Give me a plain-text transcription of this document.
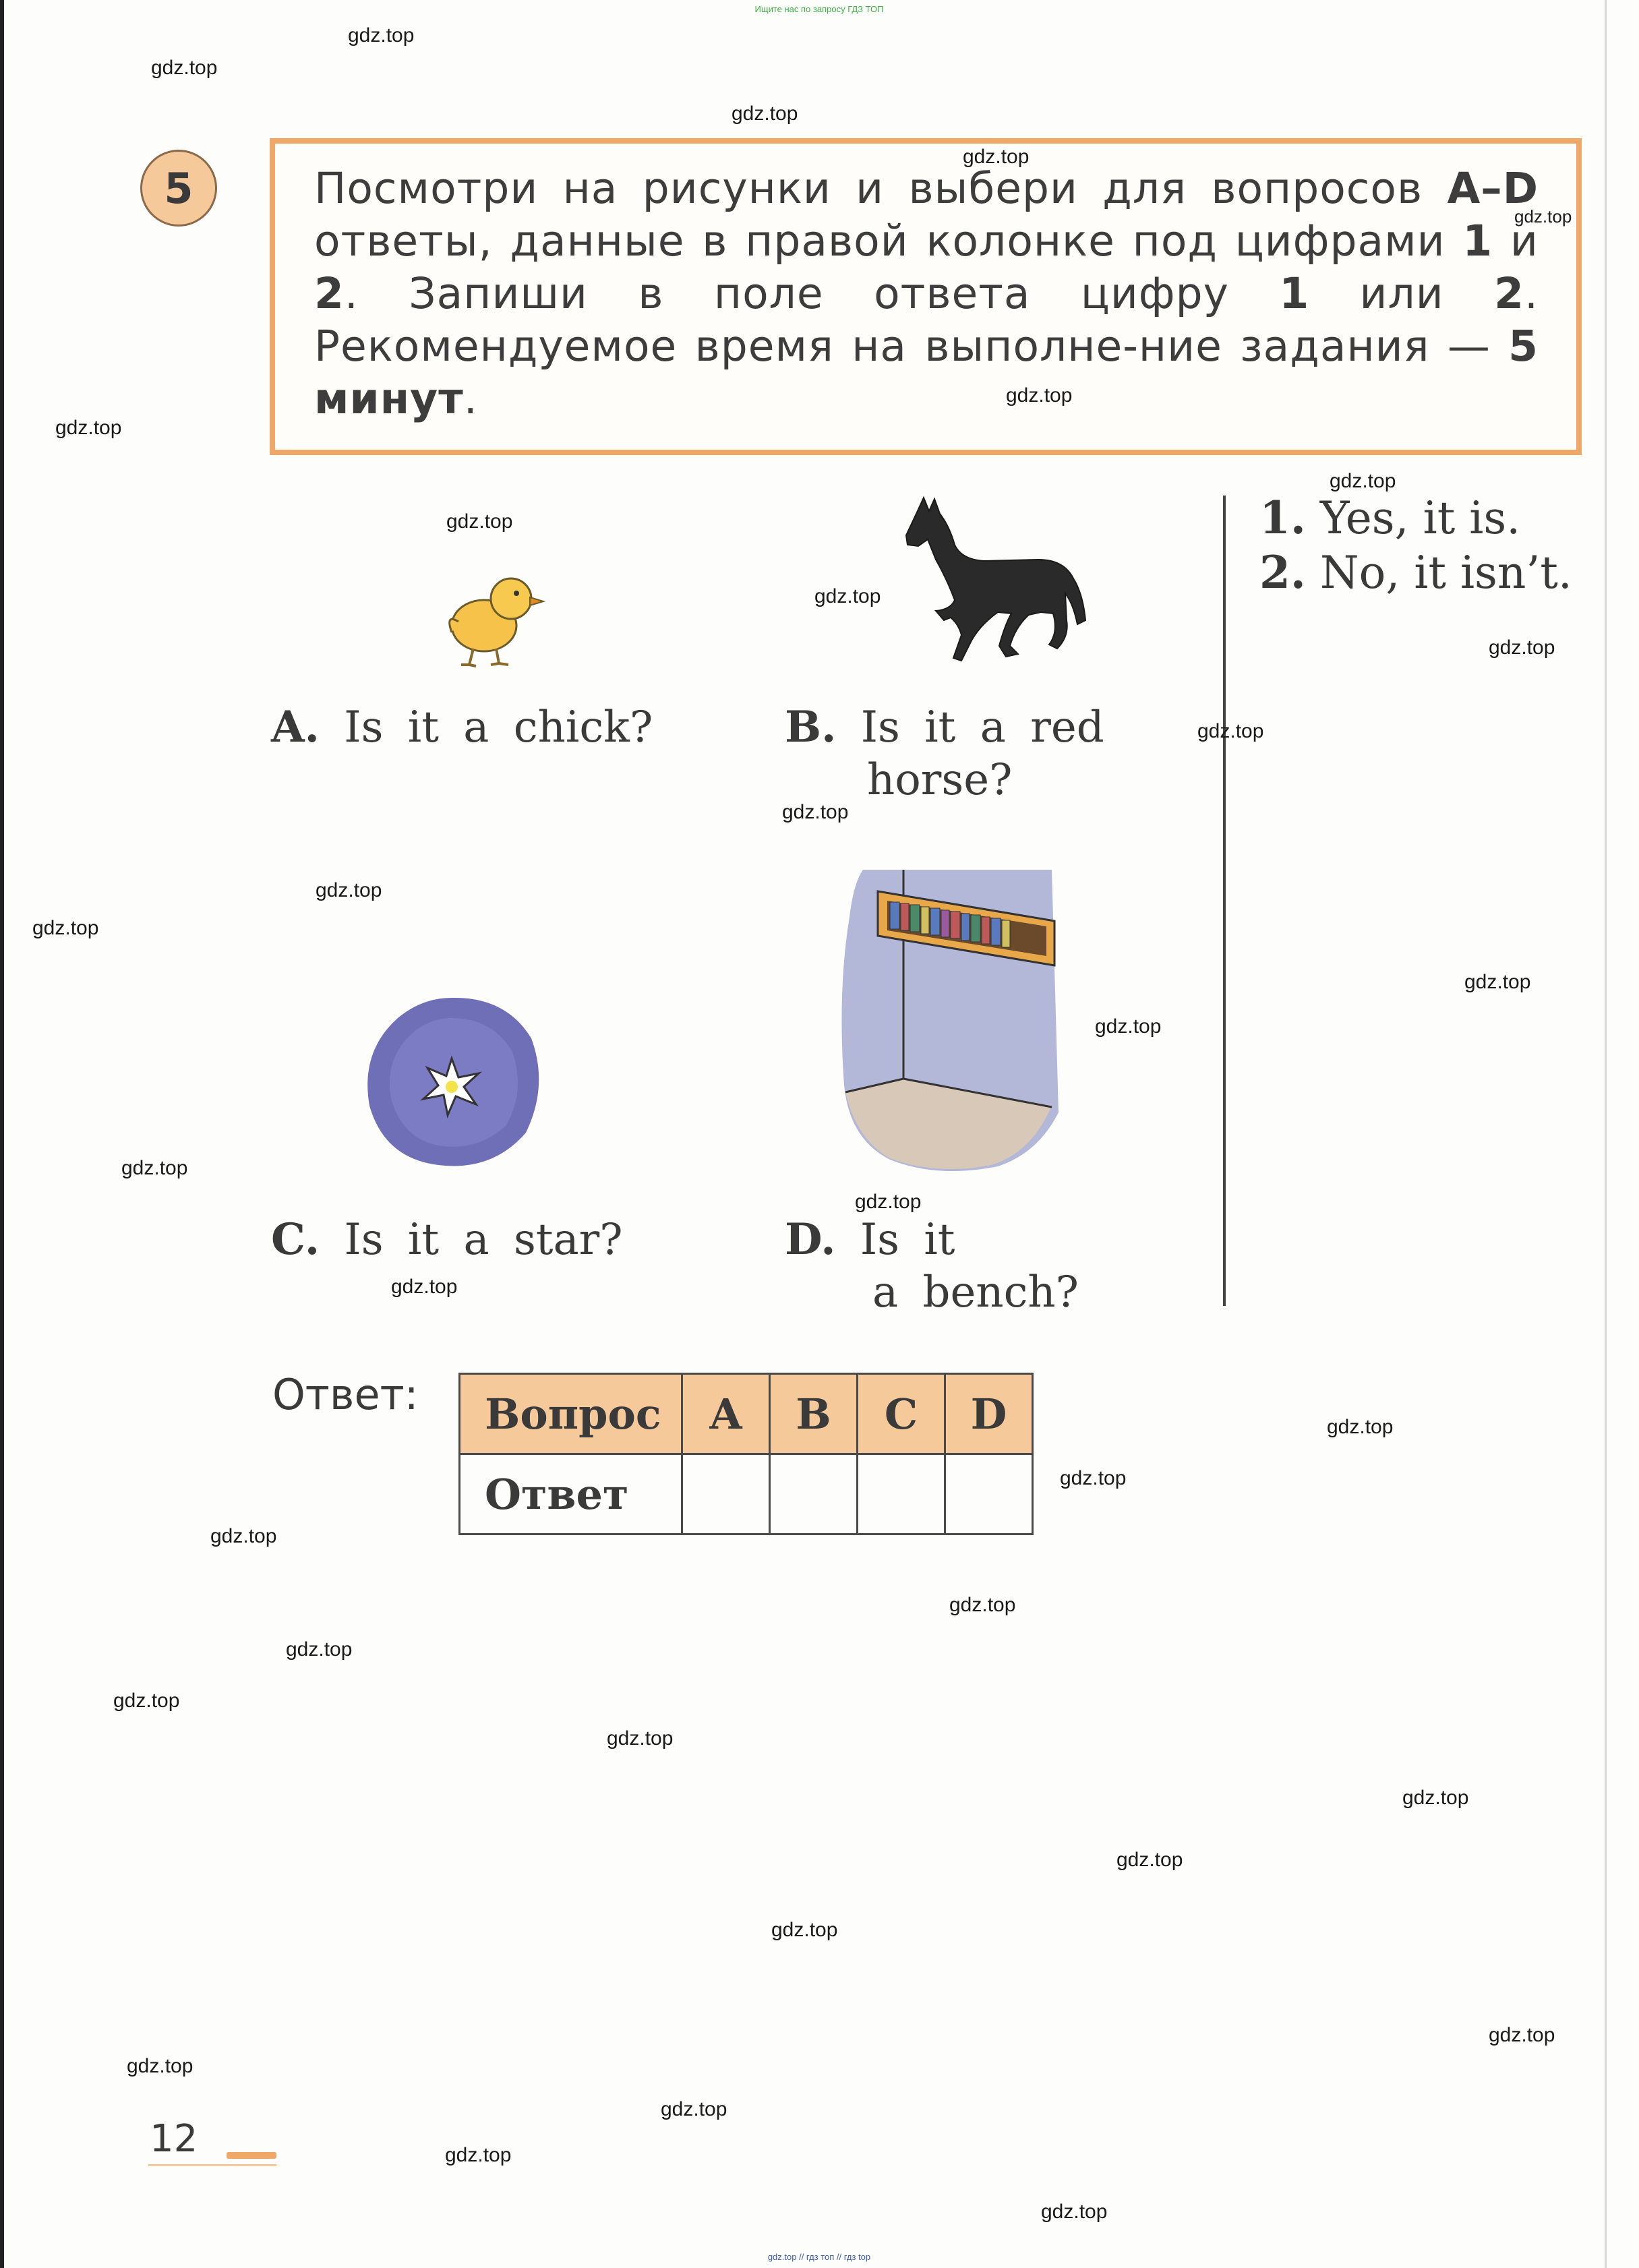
Ищите нас по запросу ГДЗ ТОП
5	Посмотри на рисунки и выбери для вопросов A–D ответы, данные в правой колонке под цифрами 1 и 2. Запиши в поле ответа цифру 1 или 2. Рекомендуемое время на выполне-ние задания — 5 минут.
1. Yes, it is.
2. No, it isn’t.
A. Is it a chick?	B. Is it a red
horse?
C. Is it a star?	D. Is it
a bench?
Ответ: Вопрос	A	B	C	D
Ответ				
12
gdz.top
gdz.top
gdz.top
gdz.top
gdz.top
gdz.top
gdz.top
gdz.top
gdz.top
gdz.top
gdz.top
gdz.top
gdz.top
gdz.top
gdz.top
gdz.top
gdz.top
gdz.top
gdz.top
gdz.top
gdz.top
gdz.top
gdz.top
gdz.top
gdz.top
gdz.top
gdz.top
gdz.top
gdz.top
gdz.top
gdz.top
gdz.top
gdz.top
gdz.top
gdz.top
gdz.top // гдз топ // гдз top
